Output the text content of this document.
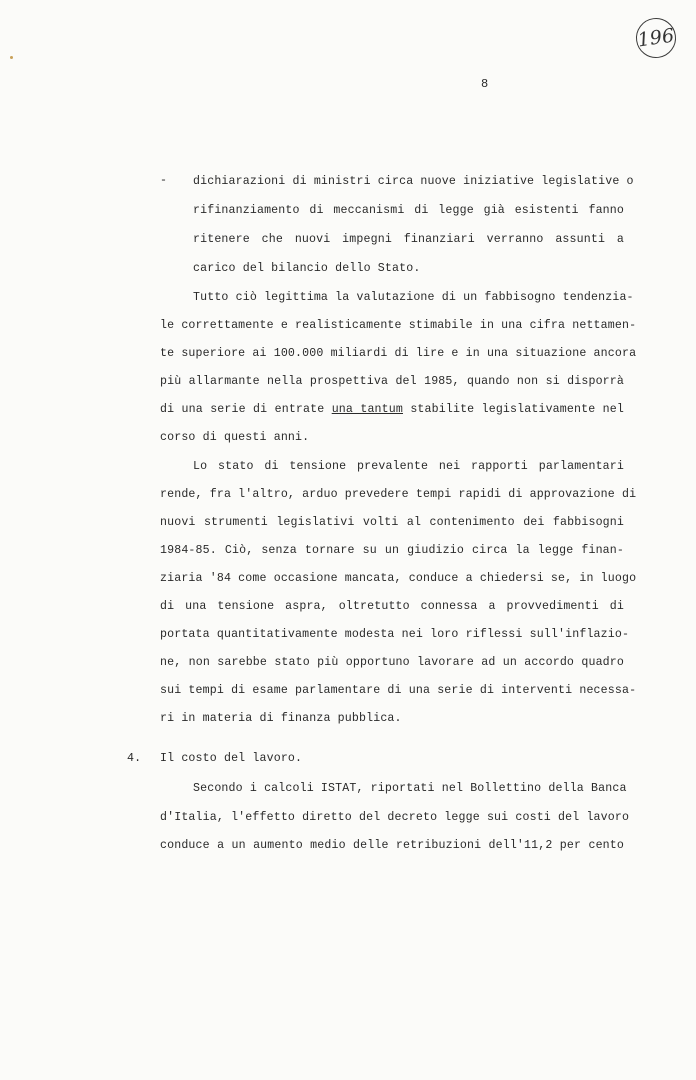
196
8
- dichiarazioni di ministri circa nuove iniziative legislative o
rifinanziamento di meccanismi di legge già esistenti fanno
ritenere che nuovi impegni finanziari verranno assunti a
carico del bilancio dello Stato.
Tutto ciò legittima la valutazione di un fabbisogno tendenzia-
le correttamente e realisticamente stimabile in una cifra nettamen-
te superiore ai 100.000 miliardi di lire e in una situazione ancora
più allarmante nella prospettiva del 1985, quando non si disporrà
di una serie di entrate una tantum stabilite legislativamente nel
corso di questi anni.
Lo stato di tensione prevalente nei rapporti parlamentari
rende, fra l'altro, arduo prevedere tempi rapidi di approvazione di
nuovi strumenti legislativi volti al contenimento dei fabbisogni
1984-85. Ciò, senza tornare su un giudizio circa la legge finan-
ziaria '84 come occasione mancata, conduce a chiedersi se, in luogo
di una tensione aspra, oltretutto connessa a provvedimenti di
portata quantitativamente modesta nei loro riflessi sull'inflazio-
ne, non sarebbe stato più opportuno lavorare ad un accordo quadro
sui tempi di esame parlamentare di una serie di interventi necessa-
ri in materia di finanza pubblica.
4. Il costo del lavoro.
Secondo i calcoli ISTAT, riportati nel Bollettino della Banca
d'Italia, l'effetto diretto del decreto legge sui costi del lavoro
conduce a un aumento medio delle retribuzioni dell'11,2 per cento
